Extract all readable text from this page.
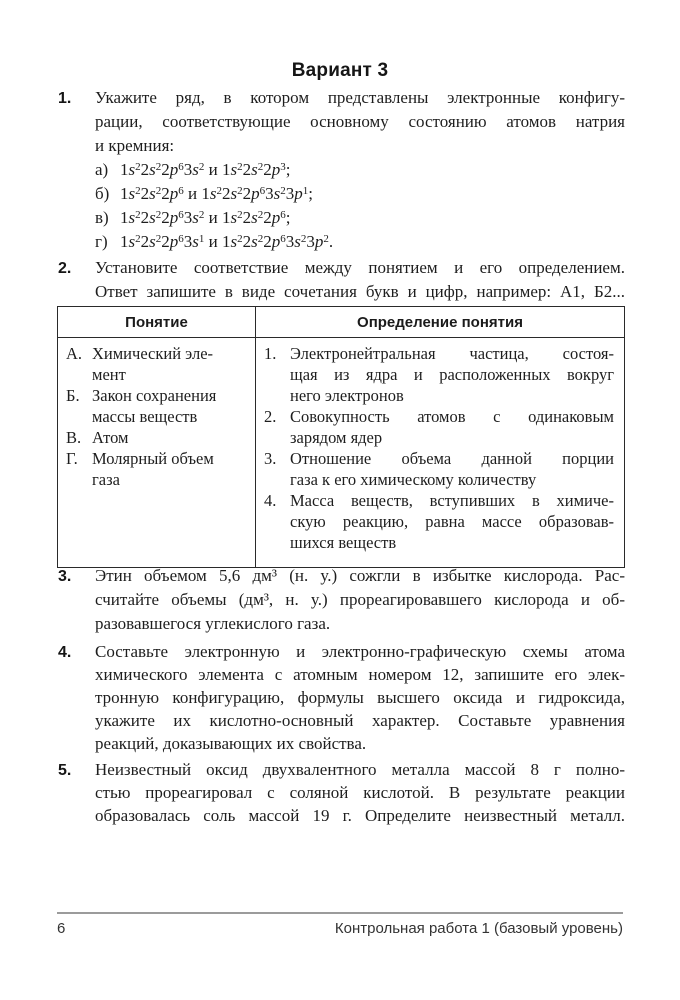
Вариант 3
1. Укажите ряд, в котором представлены электронные конфигу-
рации, соответствующие основному состоянию атомов натрия
и кремния:
а) $1s^22s^22p^63s^2$ и $1s^22s^22p^3$;
б) $1s^22s^22p^6$ и $1s^22s^22p^63s^23p^1$;
в) $1s^22s^22p^63s^2$ и $1s^22s^22p^6$;
г) $1s^22s^22p^63s^1$ и $1s^22s^22p^63s^23p^2$.
2. Установите соответствие между понятием и его определением.
Ответ запишите в виде сочетания букв и цифр, например: А1, Б2...
Понятие	Определение понятия

А. Химический эле-
мент
Б. Закон сохранения
массы веществ
В. Атом
Г. Молярный объем
газа

1. Электронейтральная частица, состоя-
щая из ядра и расположенных вокруг
него электронов
2. Совокупность атомов с одинаковым
зарядом ядер
3. Отношение объема данной порции
газа к его химическому количеству
4. Масса веществ, вступивших в химиче-
скую реакцию, равна массе образовав-
шихся веществ
3. Этин объемом 5,6 дм³ (н. у.) сожгли в избытке кислорода. Рас-
считайте объемы (дм³, н. у.) прореагировавшего кислорода и об-
разовавшегося углекислого газа.
4. Составьте электронную и электронно-графическую схемы атома
химического элемента с атомным номером 12, запишите его элек-
тронную конфигурацию, формулы высшего оксида и гидроксида,
укажите их кислотно-основный характер. Составьте уравнения
реакций, доказывающих их свойства.
5. Неизвестный оксид двухвалентного металла массой 8 г полно-
стью прореагировал с соляной кислотой. В результате реакции
образовалась соль массой 19 г. Определите неизвестный металл.
6	Контрольная работа 1 (базовый уровень)
